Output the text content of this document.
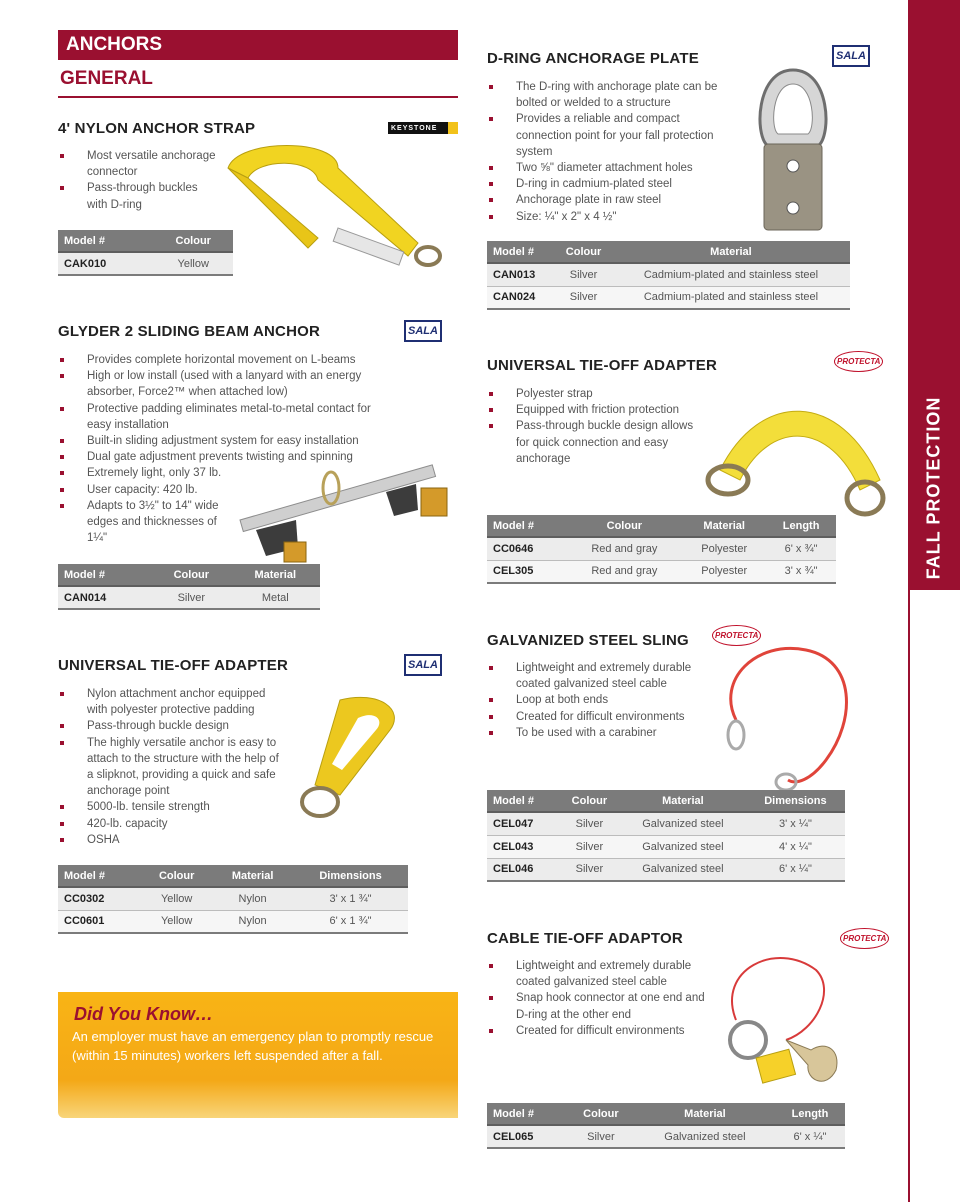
FALL PROTECTION
ANCHORS
GENERAL
4' NYLON ANCHOR STRAP	KEYSTONE
Most versatile anchorage connector
Pass-through buckles with D-ring
Model #	Colour
CAK010	Yellow
GLYDER 2 SLIDING BEAM ANCHOR	SALA
Provides complete horizontal movement on L-beams
High or low install (used with a lanyard with an energy absorber, Force2™ when attached low)
Protective padding eliminates metal-to-metal contact for easy installation
Built-in sliding adjustment system for easy installation
Dual gate adjustment prevents twisting and spinning
Extremely light, only 37 lb.
User capacity: 420 lb.
Adapts to 3½" to 14" wide edges and thicknesses of 1¼"
Model #	Colour	Material
CAN014	Silver	Metal
UNIVERSAL TIE-OFF ADAPTER	SALA
Nylon attachment anchor equipped with polyester protective padding
Pass-through buckle design
The highly versatile anchor is easy to attach to the structure with the help of a slipknot, providing a quick and safe anchorage point
5000-lb. tensile strength
420-lb. capacity
OSHA
Model #	Colour	Material	Dimensions
CC0302	Yellow	Nylon	3' x 1 ¾"
CC0601	Yellow	Nylon	6' x 1 ¾"
Did You Know…
An employer must have an emergency plan to promptly rescue (within 15 minutes) workers left suspended after a fall.
D-RING ANCHORAGE PLATE	SALA
The D-ring with anchorage plate can be bolted or welded to a structure
Provides a reliable and compact connection point for your fall protection system
Two ⅝" diameter attachment holes
D-ring in cadmium-plated steel
Anchorage plate in raw steel
Size: ¼" x 2" x 4 ½"
Model #	Colour	Material
CAN013	Silver	Cadmium-plated and stainless steel
CAN024	Silver	Cadmium-plated and stainless steel
UNIVERSAL TIE-OFF ADAPTER	PROTECTA
Polyester strap
Equipped with friction protection
Pass-through buckle design allows for quick connection and easy anchorage
Model #	Colour	Material	Length
CC0646	Red and gray	Polyester	6' x ¾"
CEL305	Red and gray	Polyester	3' x ¾"
GALVANIZED STEEL SLING	PROTECTA
Lightweight and extremely durable coated galvanized steel cable
Loop at both ends
Created for difficult environments
To be used with a carabiner
Model #	Colour	Material	Dimensions
CEL047	Silver	Galvanized steel	3' x ¼"
CEL043	Silver	Galvanized steel	4' x ¼"
CEL046	Silver	Galvanized steel	6' x ¼"
CABLE TIE-OFF ADAPTOR	PROTECTA
Lightweight and extremely durable coated galvanized steel cable
Snap hook connector at one end and D-ring at the other end
Created for difficult environments
Model #	Colour	Material	Length
CEL065	Silver	Galvanized steel	6' x ¼"
